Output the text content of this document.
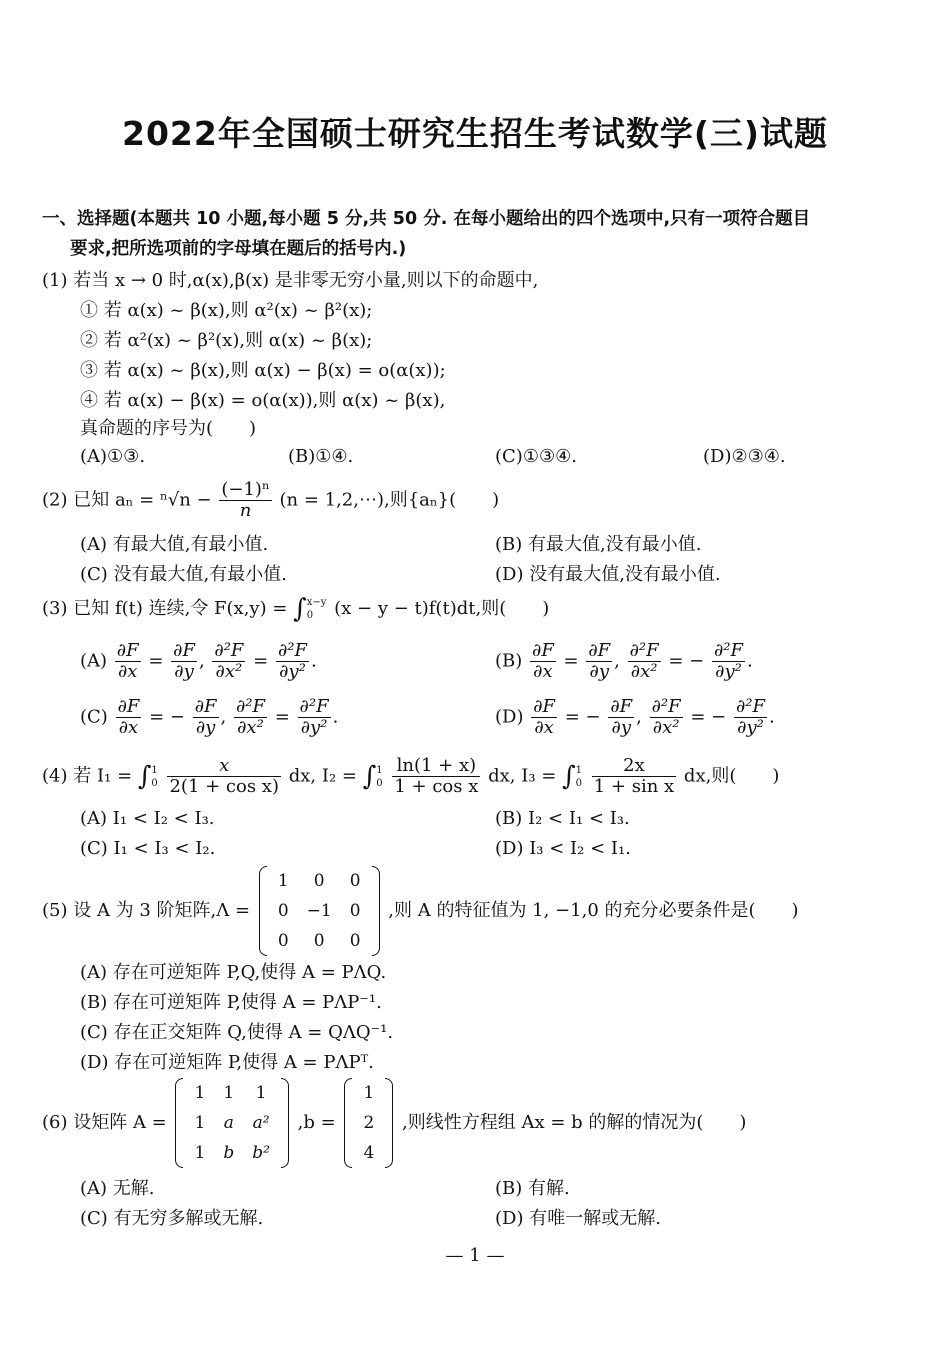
2022年全国硕士研究生招生考试数学(三)试题
一、选择题(本题共 10 小题,每小题 5 分,共 50 分. 在每小题给出的四个选项中,只有一项符合题目
要求,把所选项前的字母填在题后的括号内.)
(1) 若当 x → 0 时,α(x),β(x) 是非零无穷小量,则以下的命题中,
① 若 α(x) ~ β(x),则 α²(x) ~ β²(x);
② 若 α²(x) ~ β²(x),则 α(x) ~ β(x);
③ 若 α(x) ~ β(x),则 α(x) − β(x) = o(α(x));
④ 若 α(x) − β(x) = o(α(x)),则 α(x) ~ β(x),
真命题的序号为(　　)
(A)①③.	(B)①④.	(C)①③④.	(D)②③④.
(2) 已知 $a_n = ^n√n - \frac{\text{(−1)ⁿ}}{n} (n$ = 1,2,⋯),则{aₙ}(　　)
(A) 有最大值,有最小值.	(B) 有最大值,没有最小值.
(C) 没有最大值,有最小值.	(D) 没有最大值,没有最小值.
(3) 已知 f(t) 连续,令 F(x,y) = ∫ x−y
0	(x − y − t)f(t)dt,则(　　)
$(A) \frac{\partial F}{\partial x} = \frac{\partial F}{\partial y}$ , $\frac{\text{∂²F}}{\text{∂x²}} = \frac{\text{∂²F}}{\text{∂y²}}$ .	$(B) \frac{\partial F}{\partial x} = \frac{\partial F}{\partial y}$ , $\frac{\text{∂²F}}{\text{∂x²}}$ = − $\frac{\text{∂²F}}{\text{∂y²}}$ .
$(C) \frac{\partial F}{\partial x}$ = − $\frac{\partial F}{\partial y}$ , $\frac{\text{∂²F}}{\text{∂x²}} = \frac{\text{∂²F}}{\text{∂y²}}$ .	$(D) \frac{\partial F}{\partial x}$ = − $\frac{\partial F}{\partial y}$ , $\frac{\text{∂²F}}{\text{∂x²}}$ = − $\frac{\text{∂²F}}{\text{∂y²}}$ .
(4) 若 I₁ = ∫ 1
0
$\frac{x}{\text{2(1 + cos x)}}$ dx, I₂ = ∫ 1
0
$\frac{\ln(1 + x)}{\text{1 + cos x}}$ dx, I₃ = ∫ 1
0
$\frac{2x}{\text{1 + sin x}}$ dx,则(　　)
(A) I₁ < I₂ < I₃.	(B) I₂ < I₁ < I₃.
(C) I₁ < I₃ < I₂.	(D) I₃ < I₂ < I₁.
(5) 设 A 为 3 阶矩阵,Λ =
1	0	0
0	−1	0
0	0	0
,则 A 的特征值为 1, −1,0 的充分必要条件是(　　)
(A) 存在可逆矩阵 P,Q,使得 A = PΛQ.
(B) 存在可逆矩阵 P,使得 A = PΛP⁻¹.
(C) 存在正交矩阵 Q,使得 A = QΛQ⁻¹.
(D) 存在可逆矩阵 P,使得 A = PΛPᵀ.
(6) 设矩阵 A =
1	1	1
1	a	a²
1	b	b²
,b =
1
2
4
,则线性方程组 Ax = b 的解的情况为(　　)
(A) 无解.	(B) 有解.
(C) 有无穷多解或无解.	(D) 有唯一解或无解.
— 1 —
